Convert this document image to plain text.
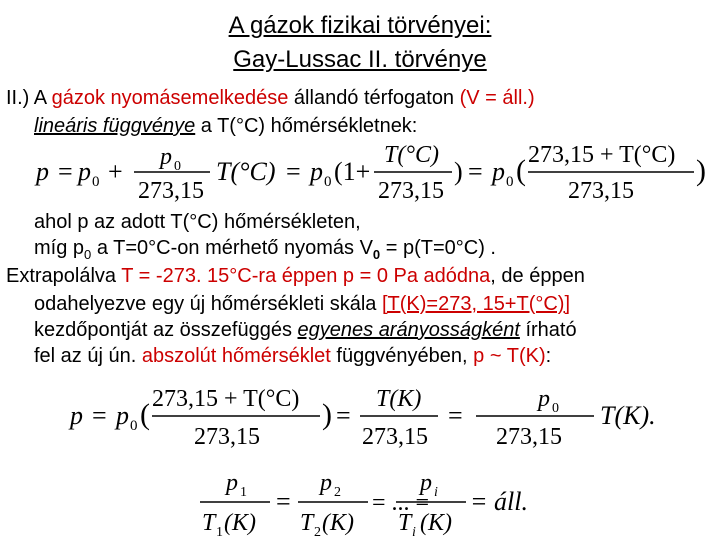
A gázok fizikai törvényei:
Gay-Lussac II. törvénye
II.) A gázok nyomásemelkedése állandó térfogaton (V = áll.)
lineáris függvénye a T(°C) hőmérsékletnek:
p = p 0 + p 0
273,15
T(°C) = p 0 (1+
T(°C)
273,15
) = p 0 ( 273,15 + T(°C)
273,15
)
ahol p az adott T(°C) hőmérsékleten,
míg $p_0$ a T=0°C-on mérhető nyomás $V_0 = p(T=0^\circ C)$ .
Extrapolálva T = -273. 15°C-ra éppen p = 0 Pa adódna, de éppen
odahelyezve egy új hőmérsékleti skála [T(K)=273, 15+T(°C)]
kezdőpontját az összefüggés egyenes arányosságként írható
fel az új ún. abszolút hőmérséklet függvényében, p ~ T(K):
p = p 0 ( 273,15 + T(°C)
273,15
) =
T(K)
273,15
=
p 0
273,15
T(K).
p 1
T 1 (K)
=
p 2
T 2 (K)
= ... =
p i
T i (K)
= áll.
